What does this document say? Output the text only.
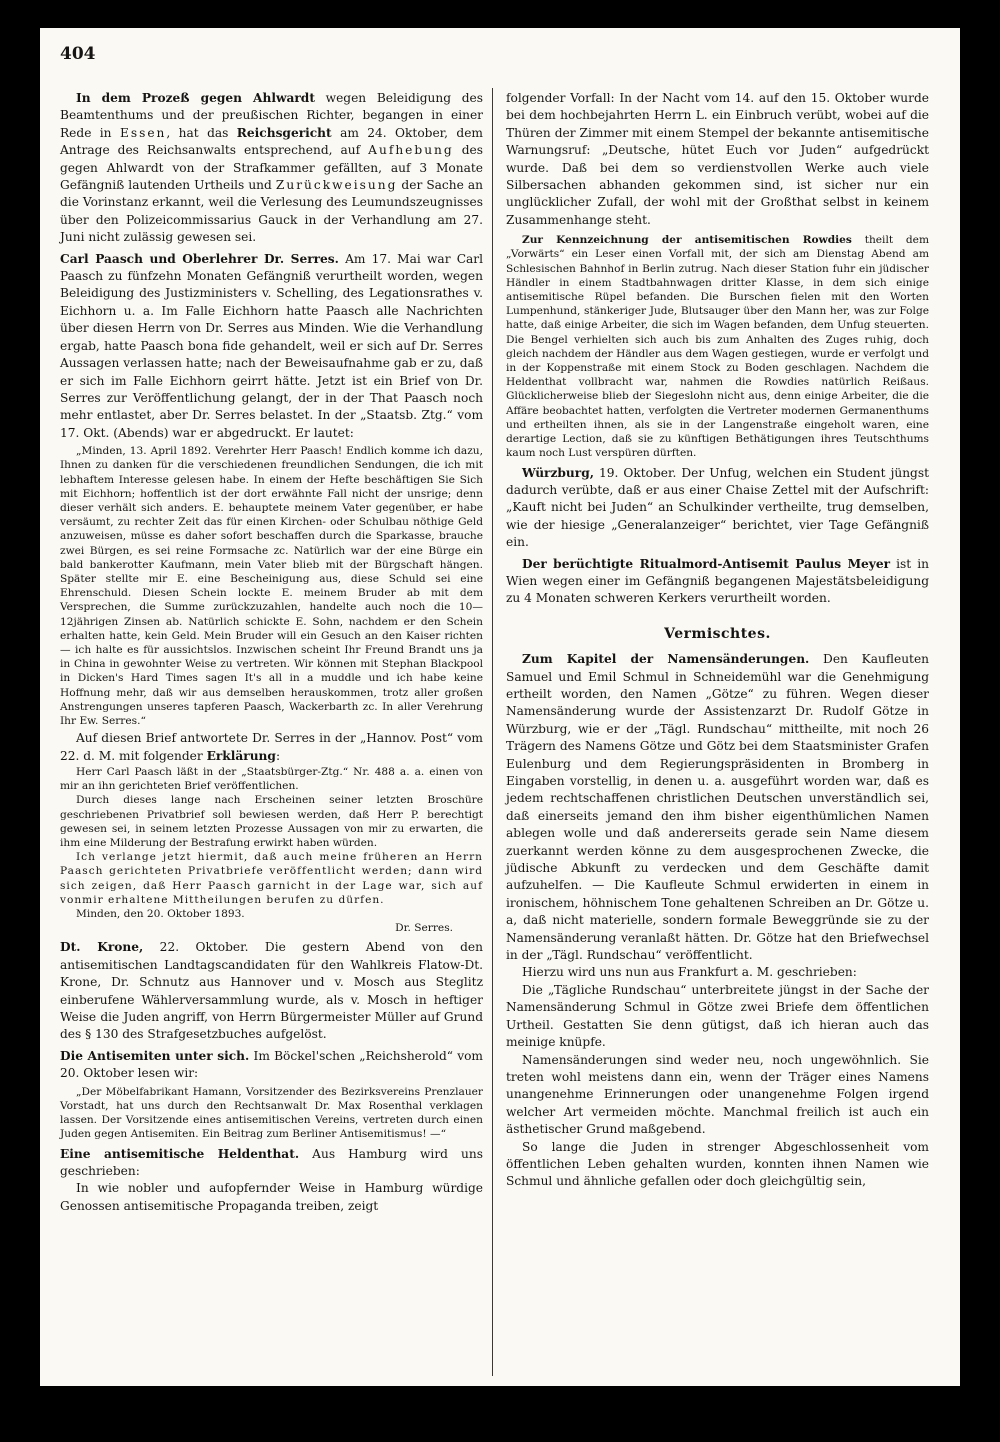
404

In dem Prozeß gegen Ahlwardt wegen Beleidigung des Beamtenthums und der preußischen Richter, begangen in einer Rede in Essen, hat das Reichsgericht am 24. Oktober, dem Antrage des Reichsanwalts entsprechend, auf Aufhebung des gegen Ahlwardt von der Strafkammer gefällten, auf 3 Monate Gefängniß lautenden Urtheils und Zurückweisung der Sache an die Vorinstanz erkannt, weil die Verlesung des Leumundszeugnisses über den Polizeicommissarius Gauck in der Verhandlung am 27. Juni nicht zulässig gewesen sei.

Carl Paasch und Oberlehrer Dr. Serres. Am 17. Mai war Carl Paasch zu fünfzehn Monaten Gefängniß verurtheilt worden, wegen Beleidigung des Justizministers v. Schelling, des Legationsrathes v. Eichhorn u. a. Im Falle Eichhorn hatte Paasch alle Nachrichten über diesen Herrn von Dr. Serres aus Minden. Wie die Verhandlung ergab, hatte Paasch bona fide gehandelt, weil er sich auf Dr. Serres Aussagen verlassen hatte; nach der Beweisaufnahme gab er zu, daß er sich im Falle Eichhorn geirrt hätte. Jetzt ist ein Brief von Dr. Serres zur Veröffentlichung gelangt, der in der That Paasch noch mehr entlastet, aber Dr. Serres belastet. In der „Staatsb. Ztg.“ vom 17. Okt. (Abends) war er abgedruckt. Er lautet:

„Minden, 13. April 1892. Verehrter Herr Paasch! Endlich komme ich dazu, Ihnen zu danken für die verschiedenen freundlichen Sendungen, die ich mit lebhaftem Interesse gelesen habe. In einem der Hefte beschäftigen Sie Sich mit Eichhorn; hoffentlich ist der dort erwähnte Fall nicht der unsrige; denn dieser verhält sich anders. E. behauptete meinem Vater gegenüber, er habe versäumt, zu rechter Zeit das für einen Kirchen- oder Schulbau nöthige Geld anzuweisen, müsse es daher sofort beschaffen durch die Sparkasse, brauche zwei Bürgen, es sei reine Formsache zc. Natürlich war der eine Bürge ein bald bankerotter Kaufmann, mein Vater blieb mit der Bürgschaft hängen. Später stellte mir E. eine Bescheinigung aus, diese Schuld sei eine Ehrenschuld. Diesen Schein lockte E. meinem Bruder ab mit dem Versprechen, die Summe zurückzuzahlen, handelte auch noch die 10—12jährigen Zinsen ab. Natürlich schickte E. Sohn, nachdem er den Schein erhalten hatte, kein Geld. Mein Bruder will ein Gesuch an den Kaiser richten — ich halte es für aussichtslos. Inzwischen scheint Ihr Freund Brandt uns ja in China in gewohnter Weise zu vertreten. Wir können mit Stephan Blackpool in Dicken's Hard Times sagen It's all in a muddle und ich habe keine Hoffnung mehr, daß wir aus demselben herauskommen, trotz aller großen Anstrengungen unseres tapferen Paasch, Wackerbarth zc. In aller Verehrung Ihr Ew. Serres.“

Auf diesen Brief antwortete Dr. Serres in der „Hannov. Post“ vom 22. d. M. mit folgender Erklärung:

Herr Carl Paasch läßt in der „Staatsbürger-Ztg.“ Nr. 488 a. a. einen von mir an ihn gerichteten Brief veröffentlichen.

Durch dieses lange nach Erscheinen seiner letzten Broschüre geschriebenen Privatbrief soll bewiesen werden, daß Herr P. berechtigt gewesen sei, in seinem letzten Prozesse Aussagen von mir zu erwarten, die ihm eine Milderung der Bestrafung erwirkt haben würden.

Ich verlange jetzt hiermit, daß auch meine früheren an Herrn Paasch gerichteten Privatbriefe veröffentlicht werden; dann wird sich zeigen, daß Herr Paasch garnicht in der Lage war, sich auf vonmir erhaltene Mittheilungen berufen zu dürfen.

Minden, den 20. Oktober 1893.

Dr. Serres.

Dt. Krone, 22. Oktober. Die gestern Abend von den antisemitischen Landtagscandidaten für den Wahlkreis Flatow-Dt. Krone, Dr. Schnutz aus Hannover und v. Mosch aus Steglitz einberufene Wählerversammlung wurde, als v. Mosch in heftiger Weise die Juden angriff, von Herrn Bürgermeister Müller auf Grund des § 130 des Strafgesetzbuches aufgelöst.

Die Antisemiten unter sich. Im Böckel'schen „Reichsherold“ vom 20. Oktober lesen wir:

„Der Möbelfabrikant Hamann, Vorsitzender des Bezirksvereins Prenzlauer Vorstadt, hat uns durch den Rechtsanwalt Dr. Max Rosenthal verklagen lassen. Der Vorsitzende eines antisemitischen Vereins, vertreten durch einen Juden gegen Antisemiten. Ein Beitrag zum Berliner Antisemitismus! —“

Eine antisemitische Heldenthat. Aus Hamburg wird uns geschrieben:

In wie nobler und aufopfernder Weise in Hamburg würdige Genossen antisemitische Propaganda treiben, zeigt

folgender Vorfall: In der Nacht vom 14. auf den 15. Oktober wurde bei dem hochbejahrten Herrn L. ein Einbruch verübt, wobei auf die Thüren der Zimmer mit einem Stempel der bekannte antisemitische Warnungsruf: „Deutsche, hütet Euch vor Juden“ aufgedrückt wurde. Daß bei dem so verdienstvollen Werke auch viele Silbersachen abhanden gekommen sind, ist sicher nur ein unglücklicher Zufall, der wohl mit der Großthat selbst in keinem Zusammenhange steht.

Zur Kennzeichnung der antisemitischen Rowdies theilt dem „Vorwärts“ ein Leser einen Vorfall mit, der sich am Dienstag Abend am Schlesischen Bahnhof in Berlin zutrug. Nach dieser Station fuhr ein jüdischer Händler in einem Stadtbahnwagen dritter Klasse, in dem sich einige antisemitische Rüpel befanden. Die Burschen fielen mit den Worten Lumpenhund, stänkeriger Jude, Blutsauger über den Mann her, was zur Folge hatte, daß einige Arbeiter, die sich im Wagen befanden, dem Unfug steuerten. Die Bengel verhielten sich auch bis zum Anhalten des Zuges ruhig, doch gleich nachdem der Händler aus dem Wagen gestiegen, wurde er verfolgt und in der Koppenstraße mit einem Stock zu Boden geschlagen. Nachdem die Heldenthat vollbracht war, nahmen die Rowdies natürlich Reißaus. Glücklicherweise blieb der Siegeslohn nicht aus, denn einige Arbeiter, die die Affäre beobachtet hatten, verfolgten die Vertreter modernen Germanenthums und ertheilten ihnen, als sie in der Langenstraße eingeholt waren, eine derartige Lection, daß sie zu künftigen Bethätigungen ihres Teutschthums kaum noch Lust verspüren dürften.

Würzburg, 19. Oktober. Der Unfug, welchen ein Student jüngst dadurch verübte, daß er aus einer Chaise Zettel mit der Aufschrift: „Kauft nicht bei Juden“ an Schulkinder vertheilte, trug demselben, wie der hiesige „Generalanzeiger“ berichtet, vier Tage Gefängniß ein.

Der berüchtigte Ritualmord-Antisemit Paulus Meyer ist in Wien wegen einer im Gefängniß begangenen Majestätsbeleidigung zu 4 Monaten schweren Kerkers verurtheilt worden.

Vermischtes.

Zum Kapitel der Namensänderungen. Den Kaufleuten Samuel und Emil Schmul in Schneidemühl war die Genehmigung ertheilt worden, den Namen „Götze“ zu führen. Wegen dieser Namensänderung wurde der Assistenzarzt Dr. Rudolf Götze in Würzburg, wie er der „Tägl. Rundschau“ mittheilte, mit noch 26 Trägern des Namens Götze und Götz bei dem Staatsminister Grafen Eulenburg und dem Regierungspräsidenten in Bromberg in Eingaben vorstellig, in denen u. a. ausgeführt worden war, daß es jedem rechtschaffenen christlichen Deutschen unverständlich sei, daß einerseits jemand den ihm bisher eigenthümlichen Namen ablegen wolle und daß andererseits gerade sein Name diesem zuerkannt werden könne zu dem ausgesprochenen Zwecke, die jüdische Abkunft zu verdecken und dem Geschäfte damit aufzuhelfen. — Die Kaufleute Schmul erwiderten in einem in ironischem, höhnischem Tone gehaltenen Schreiben an Dr. Götze u. a, daß nicht materielle, sondern formale Beweggründe sie zu der Namensänderung veranlaßt hätten. Dr. Götze hat den Briefwechsel in der „Tägl. Rundschau“ veröffentlicht.

Hierzu wird uns nun aus Frankfurt a. M. geschrieben:

Die „Tägliche Rundschau“ unterbreitete jüngst in der Sache der Namensänderung Schmul in Götze zwei Briefe dem öffentlichen Urtheil. Gestatten Sie denn gütigst, daß ich hieran auch das meinige knüpfe.

Namensänderungen sind weder neu, noch ungewöhnlich. Sie treten wohl meistens dann ein, wenn der Träger eines Namens unangenehme Erinnerungen oder unangenehme Folgen irgend welcher Art vermeiden möchte. Manchmal freilich ist auch ein ästhetischer Grund maßgebend.

So lange die Juden in strenger Abgeschlossenheit vom öffentlichen Leben gehalten wurden, konnten ihnen Namen wie Schmul und ähnliche gefallen oder doch gleichgültig sein,
